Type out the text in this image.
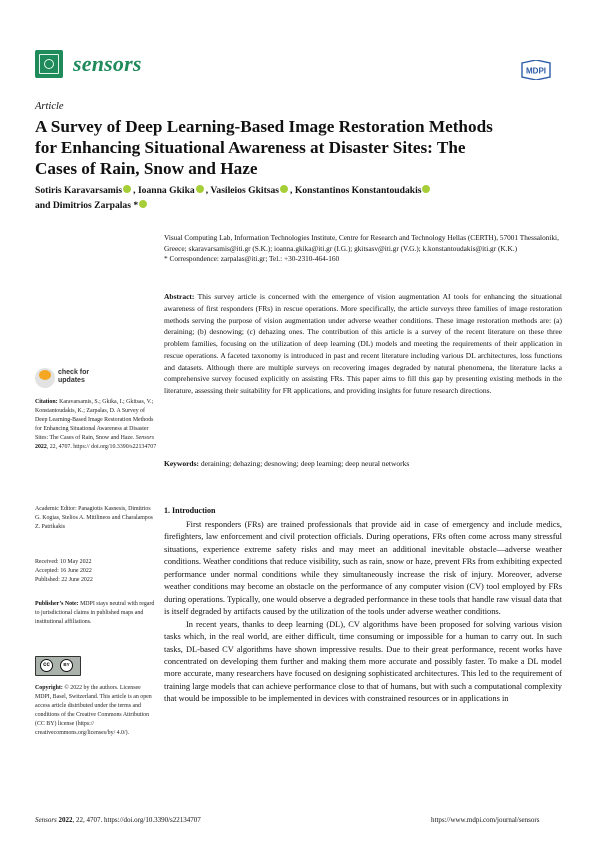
sensors	MDPI
Article
A Survey of Deep Learning-Based Image Restoration Methods for Enhancing Situational Awareness at Disaster Sites: The Cases of Rain, Snow and Haze
Sotiris Karavarsamis , Ioanna Gkika , Vasileios Gkitsas , Konstantinos Konstantoudakis
and Dimitrios Zarpalas *
Visual Computing Lab, Information Technologies Institute, Centre for Research and Technology Hellas (CERTH), 57001 Thessaloniki, Greece; skaravarsamis@iti.gr (S.K.); ioanna.gkika@iti.gr (I.G.); gkitsasv@iti.gr (V.G.); k.konstantoudakis@iti.gr (K.K.)
* Correspondence: zarpalas@iti.gr; Tel.: +30-2310-464-160
Abstract: This survey article is concerned with the emergence of vision augmentation AI tools for enhancing the situational awareness of first responders (FRs) in rescue operations. More specifically, the article surveys three families of image restoration methods serving the purpose of vision augmentation under adverse weather conditions. These image restoration methods are: (a) deraining; (b) desnowing; (c) dehazing ones. The contribution of this article is a survey of the recent literature on these three problem families, focusing on the utilization of deep learning (DL) models and meeting the requirements of their application in rescue operations. A faceted taxonomy is introduced in past and recent literature including various DL architectures, loss functions and datasets. Although there are multiple surveys on recovering images degraded by natural phenomena, the literature lacks a comprehensive survey focused explicitly on assisting FRs. This paper aims to fill this gap by presenting existing methods in the literature, assessing their suitability for FR applications, and providing insights for future research directions.
Keywords: deraining; dehazing; desnowing; deep learning; deep neural networks
1. Introduction

First responders (FRs) are trained professionals that provide aid in case of emergency and include medics, firefighters, law enforcement and civil protection officials. During operations, FRs often come across many stressful situations, experience extreme safety risks and may meet an additional inevitable obstacle—adverse weather conditions. Weather conditions that reduce visibility, such as rain, snow or haze, prevent FRs from exhibiting expected performance under normal conditions while they simultaneously increase the risk of injury. Moreover, adverse weather conditions may become an obstacle on the performance of any computer vision (CV) tool employed by FRs during operations. Typically, one would observe a degraded performance in these tools that handle raw visual data that is itself degraded by artifacts caused by the utilization of the tools under adverse weather conditions.

In recent years, thanks to deep learning (DL), CV algorithms have been proposed for solving various vision tasks which, in the real world, are either difficult, time consuming or impossible for a human to carry out. In such tasks, DL-based CV algorithms have shown impressive results. Due to their great performance, recent works have concentrated on developing them further and making them more accurate and possibly faster. To make a DL model more accurate, many researchers have focused on designing sophisticated architectures. This led to the requirement of training large models that can achieve performance close to that of humans, but with such a computational complexity that would be impossible to be implemented in devices with constrained resources or in applications in

check for
updates
Citation: Karavarsamis, S.; Gkika, I.; Gkitsas, V.; Konstantoudakis, K.; Zarpalas, D. A Survey of Deep Learning-Based Image Restoration Methods for Enhancing Situational Awareness at Disaster Sites: The Cases of Rain, Snow and Haze. Sensors 2022, 22, 4707. https:// doi.org/10.3390/s22134707
Academic Editor: Panagiotis Kasnesis, Dimitrios G. Kogias, Stelios A. Mitilineos and Charalampos Z. Patrikakis
Received: 10 May 2022
Accepted: 16 June 2022
Published: 22 June 2022
Publisher’s Note: MDPI stays neutral with regard to jurisdictional claims in published maps and institutional affiliations.
cc	BY
Copyright: © 2022 by the authors. Licensee MDPI, Basel, Switzerland. This article is an open access article distributed under the terms and conditions of the Creative Commons Attribution (CC BY) license (https:// creativecommons.org/licenses/by/ 4.0/).
Sensors 2022, 22, 4707. https://doi.org/10.3390/s22134707	https://www.mdpi.com/journal/sensors
